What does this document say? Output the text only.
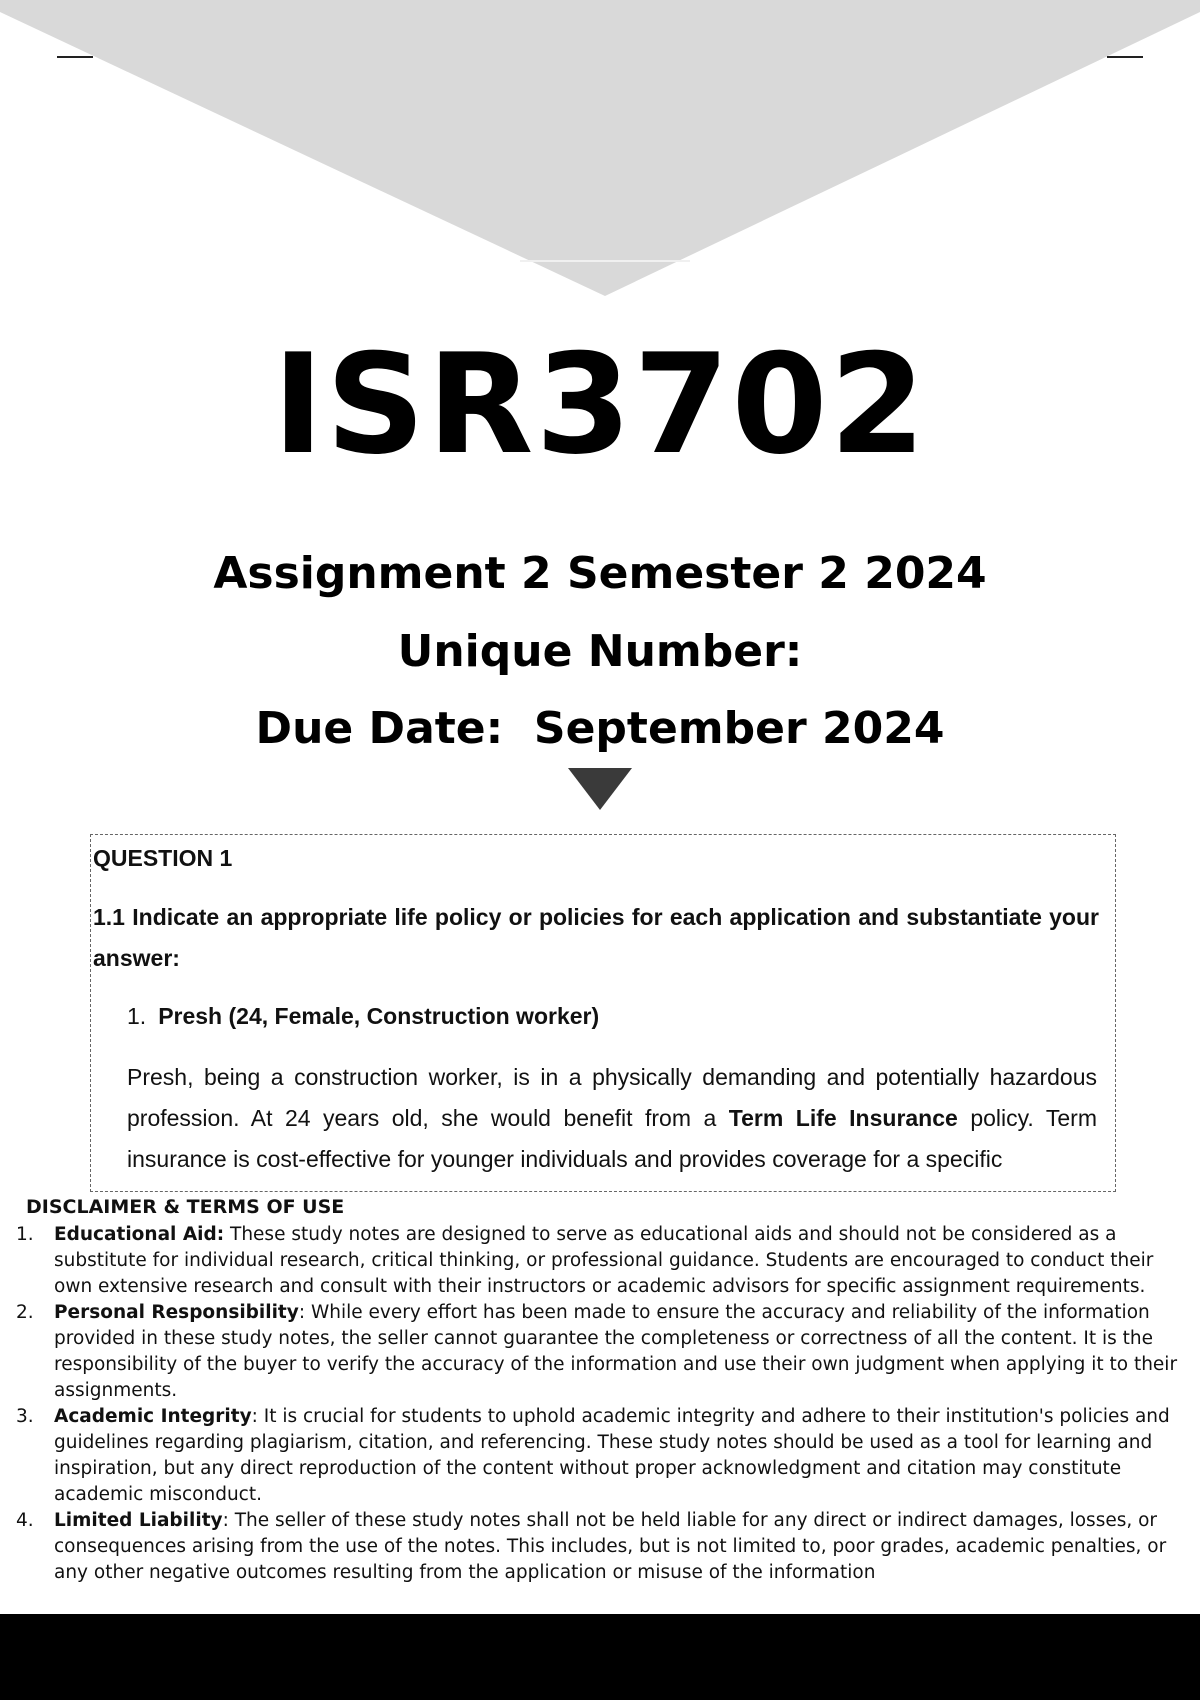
ISR3702
Assignment 2 Semester 2 2024
Unique Number:
Due Date:  September 2024
QUESTION 1
1.1 Indicate an appropriate life policy or policies for each application and substantiate your answer:
1. Presh (24, Female, Construction worker)
Presh, being a construction worker, is in a physically demanding and potentially hazardous profession. At 24 years old, she would benefit from a Term Life Insurance policy. Term insurance is cost-effective for younger individuals and provides coverage for a specific
DISCLAIMER & TERMS OF USE
1. Educational Aid: These study notes are designed to serve as educational aids and should not be considered as a substitute for individual research, critical thinking, or professional guidance. Students are encouraged to conduct their own extensive research and consult with their instructors or academic advisors for specific assignment requirements.
2. Personal Responsibility: While every effort has been made to ensure the accuracy and reliability of the information provided in these study notes, the seller cannot guarantee the completeness or correctness of all the content. It is the responsibility of the buyer to verify the accuracy of the information and use their own judgment when applying it to their assignments.
3. Academic Integrity: It is crucial for students to uphold academic integrity and adhere to their institution's policies and guidelines regarding plagiarism, citation, and referencing. These study notes should be used as a tool for learning and inspiration, but any direct reproduction of the content without proper acknowledgment and citation may constitute academic misconduct.
4. Limited Liability: The seller of these study notes shall not be held liable for any direct or indirect damages, losses, or consequences arising from the use of the notes. This includes, but is not limited to, poor grades, academic penalties, or any other negative outcomes resulting from the application or misuse of the information
